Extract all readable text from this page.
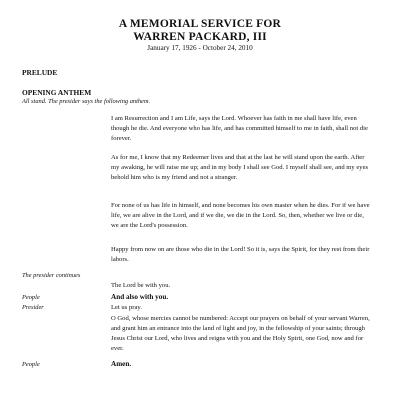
A MEMORIAL SERVICE FOR
WARREN PACKARD, III
January 17, 1926 - October 24, 2010
PRELUDE
OPENING ANTHEM
All stand. The presider says the following anthem.

I am Resurrection and I am Life, says the Lord. Whoever has faith in me shall have life, even though he die. And everyone who has life, and has committed himself to me in faith, shall not die forever.

As for me, I know that my Redeemer lives and that at the last he will stand upon the earth. After my awaking, he will raise me up; and in my body I shall see God. I myself shall see, and my eyes behold him who is my friend and not a stranger.

For none of us has life in himself, and none becomes his own master when he dies. For if we have life, we are alive in the Lord, and if we die, we die in the Lord. So, then, whether we live or die, we are the Lord's possession.

Happy from now on are those who die in the Lord! So it is, says the Spirit, for they rest from their labors.

The presider continues
The Lord be with you.
People	And also with you.
Presider	Let us pray.

O God, whose mercies cannot be numbered: Accept our prayers on behalf of your servant Warren, and grant him an entrance into the land of light and joy, in the fellowship of your saints; through Jesus Christ our Lord, who lives and reigns with you and the Holy Spirit, one God, now and for ever.

People	Amen.
